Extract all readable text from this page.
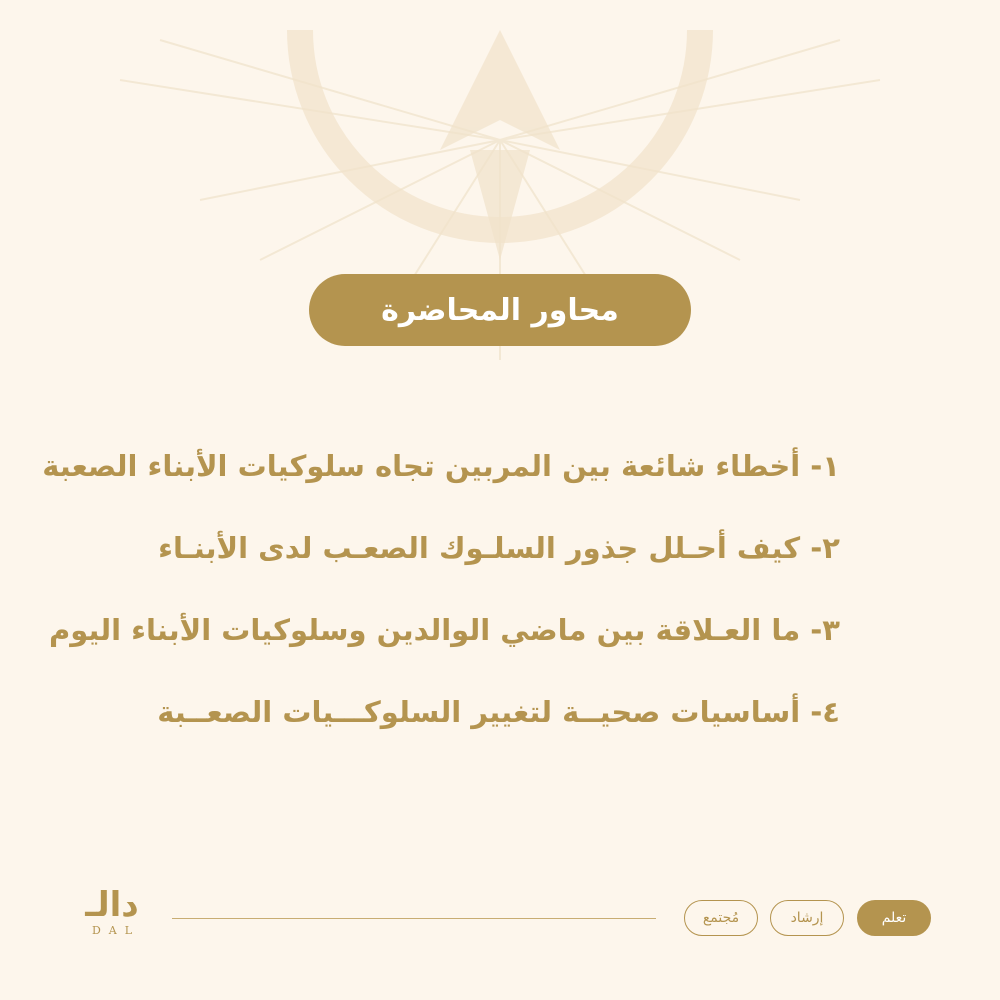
محاور المحاضرة
١- أخطاء شائعة بين المربين تجاه سلوكيات الأبناء الصعبة
٢- كيف أحـلل جذور السلـوك الصعـب لدى الأبنـاء
٣- ما العـلاقة بين ماضي الوالدين وسلوكيات الأبناء اليوم
٤- أساسيات صحيــة لتغيير السلوكـــيات الصعــبة
دالـ
DAL
مُجتمع	إرشاد	تعلم
